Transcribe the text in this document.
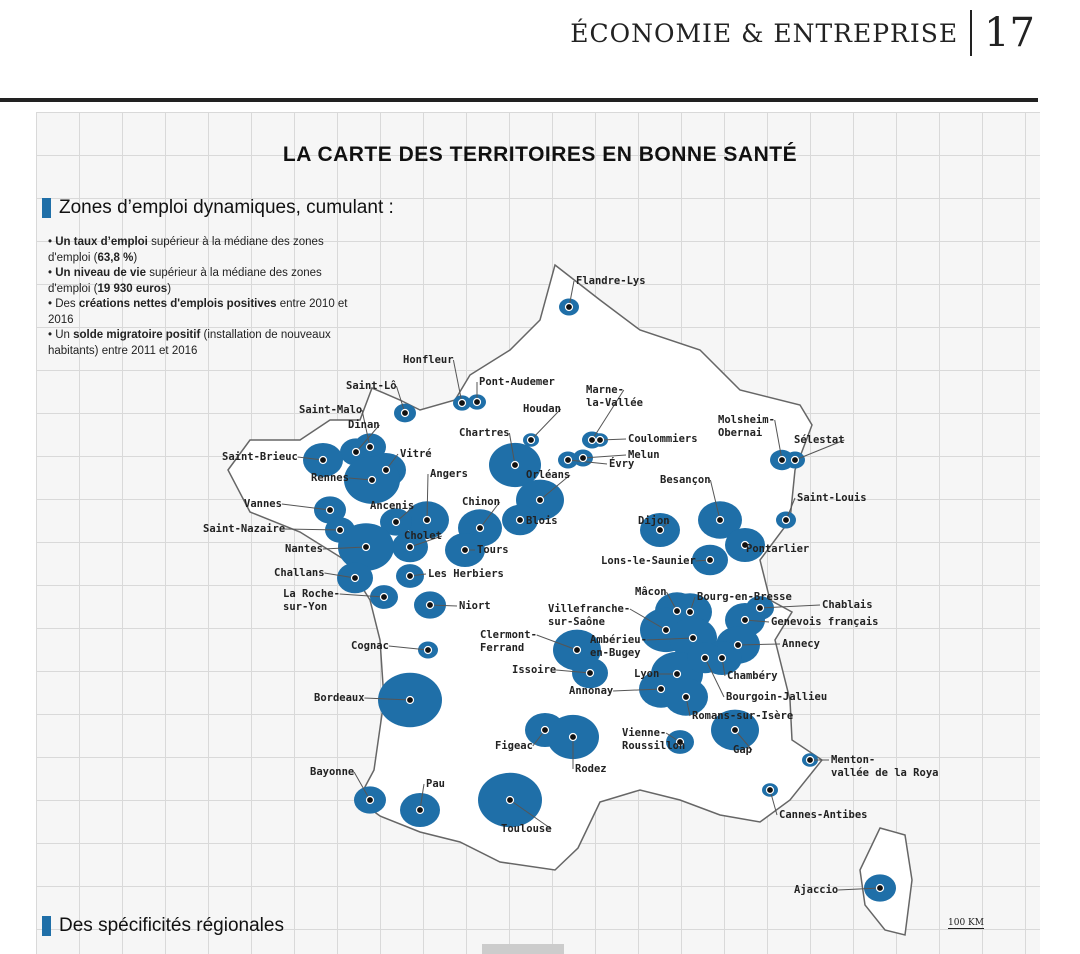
ÉCONOMIE & ENTREPRISE 17
LA CARTE DES TERRITOIRES EN BONNE SANTÉ
Zones d’emploi dynamiques, cumulant :
• Un taux d’emploi supérieur à la médiane des zones d'emploi (63,8 %)
• Un niveau de vie supérieur à la médiane des zones d'emploi (19 930 euros)
• Des créations nettes d'emplois positives entre 2010 et 2016
• Un solde migratoire positif (installation de nouveaux habitants) entre 2011 et 2016
Des spécificités régionales	100 KM
Flandre-Lys
Honfleur
Pont-Audemer
Saint-Lô
Saint-Malo
Dinan
Saint-Brieuc	Vitré
Rennes	Angers
Vannes	Ancenis
Saint-Nazaire
Cholet
Nantes
Challans	Les Herbiers
La Roche-
sur-Yon	Niort
Cognac
Bordeaux
Bayonne
Pau
Toulouse
Figeac
Rodez
Chartres
Houdan
Marne-
la-Vallée
Coulommiers
Melun
Évry
Chinon
Orléans
Blois
Tours
Molsheim-
Obernai
Sélestat
Besançon
Saint-Louis
Dijon
Pontarlier
Lons-le-Saunier
Mâcon	Bourg-en-Bresse
Chablais
Genevois français
Villefranche-
sur-Saône
Clermont-
Ferrand
Ambérieu-
en-Bugey
Annecy
Issoire	Lyon	Chambéry
Annonay	Bourgoin-Jallieu
Romans-sur-Isère
Vienne-
Roussillon	Gap
Menton-
vallée de la Roya
Cannes-Antibes
Ajaccio
